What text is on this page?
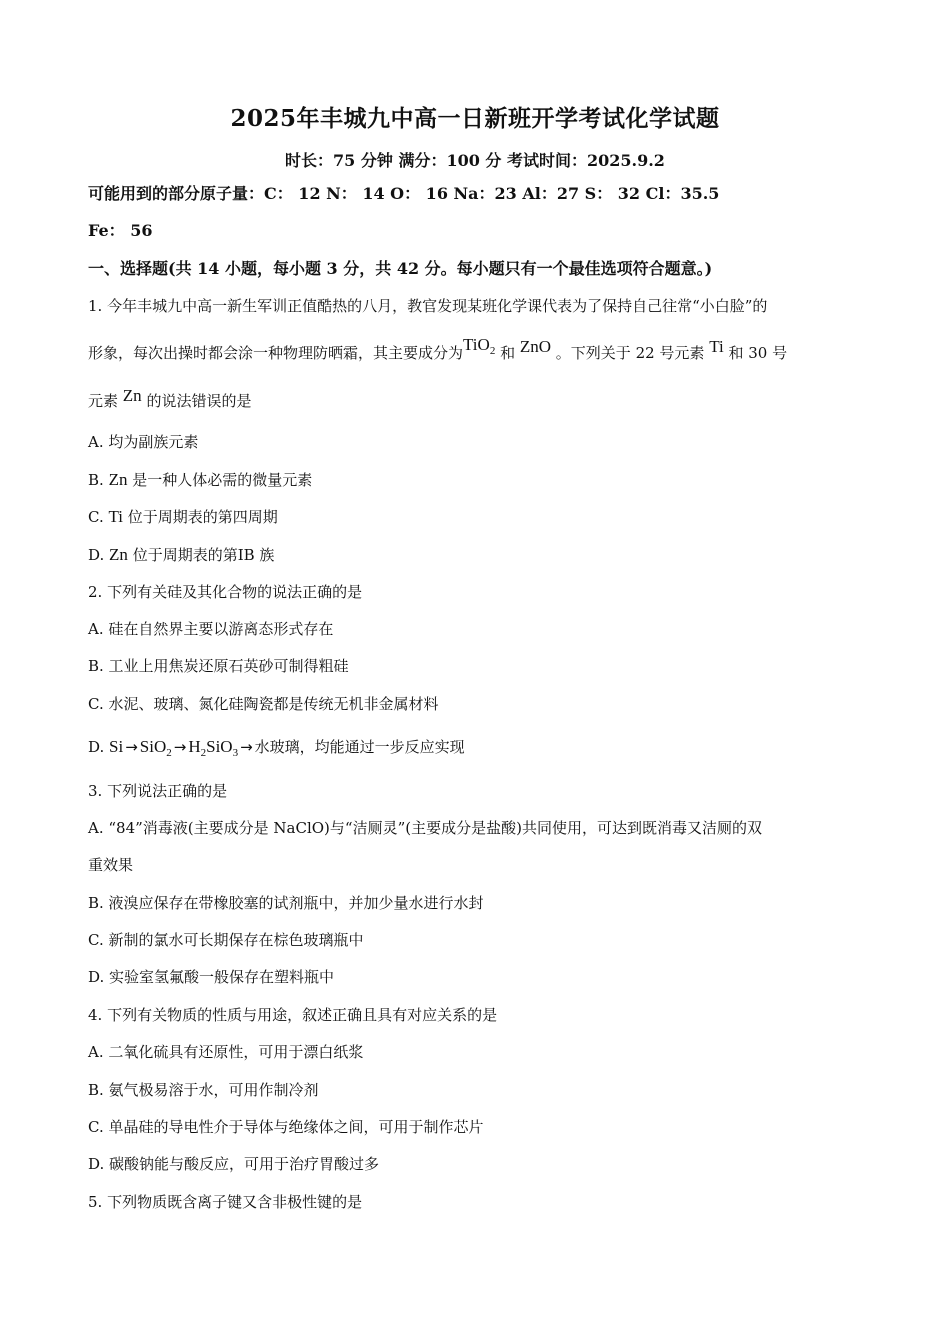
2025年丰城九中高一日新班开学考试化学试题
时长：75 分钟 满分：100 分 考试时间：2025.9.2
可能用到的部分原子量：C： 12 N： 14 O： 16 Na：23 Al：27 S： 32 Cl：35.5
Fe： 56
一、选择题(共 14 小题，每小题 3 分，共 42 分。每小题只有一个最佳选项符合题意。)
1. 今年丰城九中高一新生军训正值酷热的八月，教官发现某班化学课代表为了保持自己往常“小白脸”的
形象，每次出操时都会涂一种物理防晒霜，其主要成分为TiO$_2$ 和 ZnO 。下列关于 22 号元素 Ti 和 30 号
元素 Zn 的说法错误的是
A. 均为副族元素
B. Zn 是一种人体必需的微量元素
C. Ti 位于周期表的第四周期
D. Zn 位于周期表的第ⅠB 族
2. 下列有关硅及其化合物的说法正确的是
A. 硅在自然界主要以游离态形式存在
B. 工业上用焦炭还原石英砂可制得粗硅
C. 水泥、玻璃、氮化硅陶瓷都是传统无机非金属材料
D. $Si \to SiO_2 \to H_2SiO_3$ → 水玻璃，均能通过一步反应实现
3. 下列说法正确的是
A. “84”消毒液(主要成分是 NaClO)与“洁厕灵”(主要成分是盐酸)共同使用，可达到既消毒又洁厕的双
重效果
B. 液溴应保存在带橡胶塞的试剂瓶中，并加少量水进行水封
C. 新制的氯水可长期保存在棕色玻璃瓶中
D. 实验室氢氟酸一般保存在塑料瓶中
4. 下列有关物质的性质与用途，叙述正确且具有对应关系的是
A. 二氧化硫具有还原性，可用于漂白纸浆
B. 氨气极易溶于水，可用作制冷剂
C. 单晶硅的导电性介于导体与绝缘体之间，可用于制作芯片
D. 碳酸钠能与酸反应，可用于治疗胃酸过多
5. 下列物质既含离子键又含非极性键的是
